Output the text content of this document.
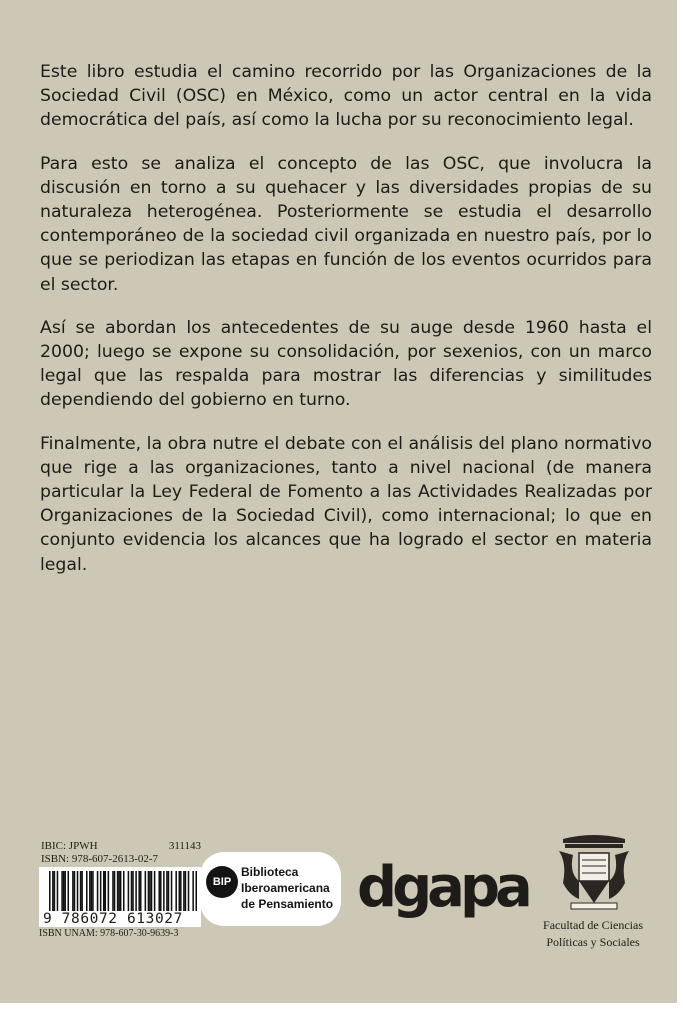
Este libro estudia el camino recorrido por las Organizaciones de la Sociedad Civil (OSC) en México, como un actor central en la vida democrática del país, así como la lucha por su reconocimiento legal.

Para esto se analiza el concepto de las OSC, que involucra la discusión en torno a su quehacer y las diversidades propias de su naturaleza heterogénea. Posteriormente se estudia el desarrollo contemporáneo de la sociedad civil organizada en nuestro país, por lo que se periodizan las etapas en función de los eventos ocurridos para el sector.

Así se abordan los antecedentes de su auge desde 1960 hasta el 2000; luego se expone su consolidación, por sexenios, con un marco legal que las respalda para mostrar las diferencias y similitudes dependiendo del gobierno en turno.

Finalmente, la obra nutre el debate con el análisis del plano normativo que rige a las organizaciones, tanto a nivel nacional (de manera particular la Ley Federal de Fomento a las Actividades Realizadas por Organizaciones de la Sociedad Civil), como internacional; lo que en conjunto evidencia los alcances que ha logrado el sector en materia legal.

IBIC: JPWH	311143
ISBN: 978-607-2613-02-7
9 786072 613027
ISBN UNAM: 978-607-30-9639-3
BIP
Biblioteca
Iberoamericana
de Pensamiento dgapa
Facultad de Ciencias
Políticas y Sociales
